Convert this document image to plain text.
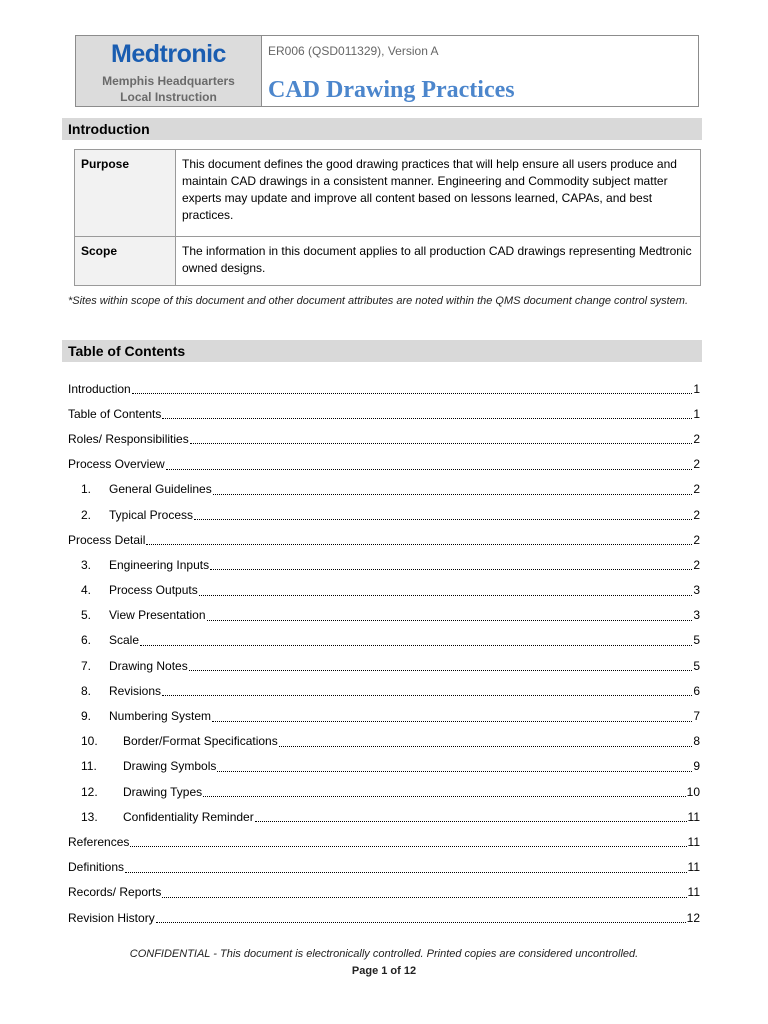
Medtronic
Memphis Headquarters
Local Instruction
ER006 (QSD011329), Version A
CAD Drawing Practices
Introduction
Purpose	This document defines the good drawing practices that will help ensure all users produce and maintain CAD drawings in a consistent manner. Engineering and Commodity subject matter experts may update and improve all content based on lessons learned, CAPAs, and best practices.
Scope	The information in this document applies to all production CAD drawings representing Medtronic owned designs.
*Sites within scope of this document and other document attributes are noted within the QMS document change control system.
Table of Contents
Introduction	1
Table of Contents	1
Roles/ Responsibilities	2
Process Overview	2
1.	General Guidelines	2
2.	Typical Process	2
Process Detail	2
3.	Engineering Inputs	2
4.	Process Outputs	3
5.	View Presentation	3
6.	Scale	5
7.	Drawing Notes	5
8.	Revisions	6
9.	Numbering System	7
10.	Border/Format Specifications	8
11.	Drawing Symbols	9
12.	Drawing Types	10
13.	Confidentiality Reminder	11
References	11
Definitions	11
Records/ Reports	11
Revision History	12
CONFIDENTIAL - This document is electronically controlled. Printed copies are considered uncontrolled.
Page 1 of 12
